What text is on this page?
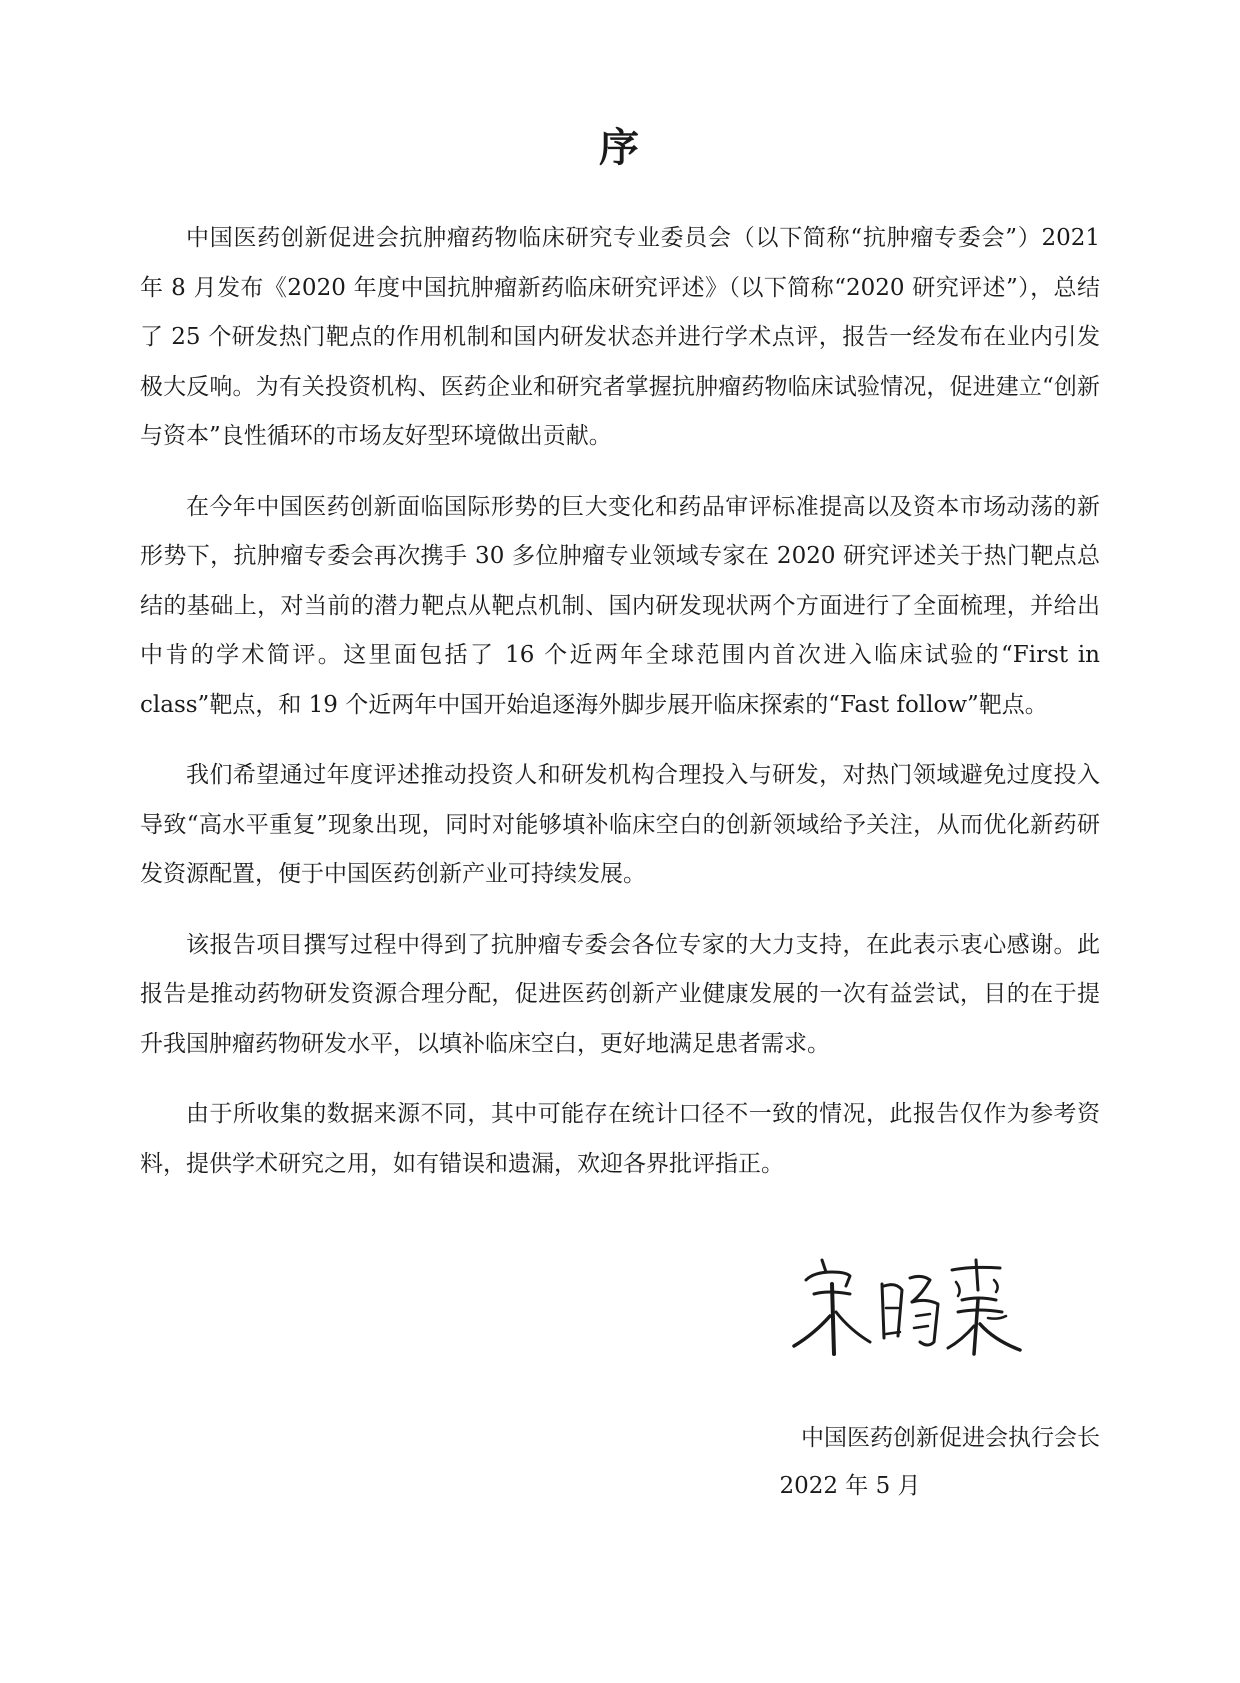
序

中国医药创新促进会抗肿瘤药物临床研究专业委员会（以下简称“抗肿瘤专委会”）2021 年 8 月发布《2020 年度中国抗肿瘤新药临床研究评述》（以下简称“2020 研究评述”），总结了 25 个研发热门靶点的作用机制和国内研发状态并进行学术点评，报告一经发布在业内引发极大反响。为有关投资机构、医药企业和研究者掌握抗肿瘤药物临床试验情况，促进建立“创新与资本”良性循环的市场友好型环境做出贡献。

在今年中国医药创新面临国际形势的巨大变化和药品审评标准提高以及资本市场动荡的新形势下，抗肿瘤专委会再次携手 30 多位肿瘤专业领域专家在 2020 研究评述关于热门靶点总结的基础上，对当前的潜力靶点从靶点机制、国内研发现状两个方面进行了全面梳理，并给出中肯的学术简评。这里面包括了 16 个近两年全球范围内首次进入临床试验的“First in class”靶点，和 19 个近两年中国开始追逐海外脚步展开临床探索的“Fast follow”靶点。

我们希望通过年度评述推动投资人和研发机构合理投入与研发，对热门领域避免过度投入导致“高水平重复”现象出现，同时对能够填补临床空白的创新领域给予关注，从而优化新药研发资源配置，便于中国医药创新产业可持续发展。

该报告项目撰写过程中得到了抗肿瘤专委会各位专家的大力支持，在此表示衷心感谢。此报告是推动药物研发资源合理分配，促进医药创新产业健康发展的一次有益尝试，目的在于提升我国肿瘤药物研发水平，以填补临床空白，更好地满足患者需求。

由于所收集的数据来源不同，其中可能存在统计口径不一致的情况，此报告仅作为参考资料，提供学术研究之用，如有错误和遗漏，欢迎各界批评指正。

中国医药创新促进会执行会长
2022 年 5 月
